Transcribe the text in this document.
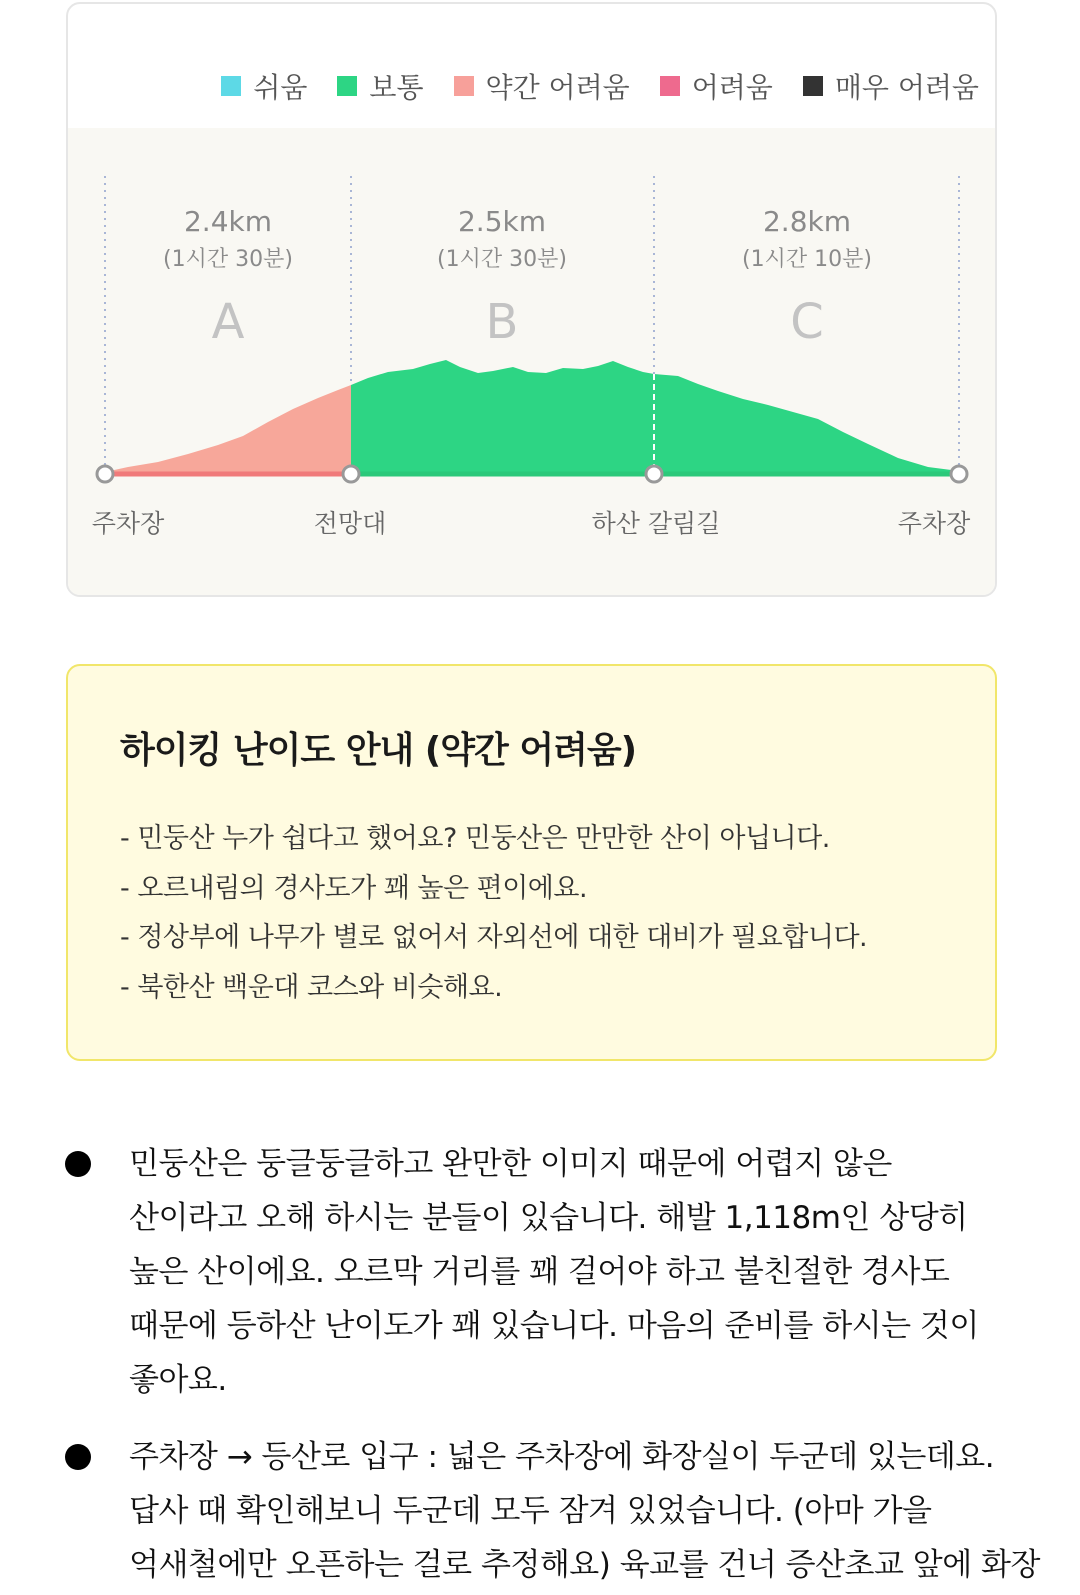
쉬움 보통 약간 어려움 어려움 매우 어려움
2.4km
(1시간 30분)
A
2.5km
(1시간 30분)
B
2.8km
(1시간 10분)
C
주차장	전망대	하산 갈림길	주차장
하이킹 난이도 안내 (약간 어려움)
- 민둥산 누가 쉽다고 했어요? 민둥산은 만만한 산이 아닙니다.
- 오르내림의 경사도가 꽤 높은 편이에요.
- 정상부에 나무가 별로 없어서 자외선에 대한 대비가 필요합니다.
- 북한산 백운대 코스와 비슷해요.

민둥산은 둥글둥글하고 완만한 이미지 때문에 어렵지 않은 산이라고 오해 하시는 분들이 있습니다. 해발 1,118m인 상당히 높은 산이에요. 오르막 거리를 꽤 걸어야 하고 불친절한 경사도 때문에 등하산 난이도가 꽤 있습니다. 마음의 준비를 하시는 것이 좋아요.

주차장 → 등산로 입구 : 넓은 주차장에 화장실이 두군데 있는데요. 답사 때 확인해보니 두군데 모두 잠겨 있었습니다. (아마 가을 억새철에만 오픈하는 걸로 추정해요) 육교를 건너 증산초교 앞에 화장
